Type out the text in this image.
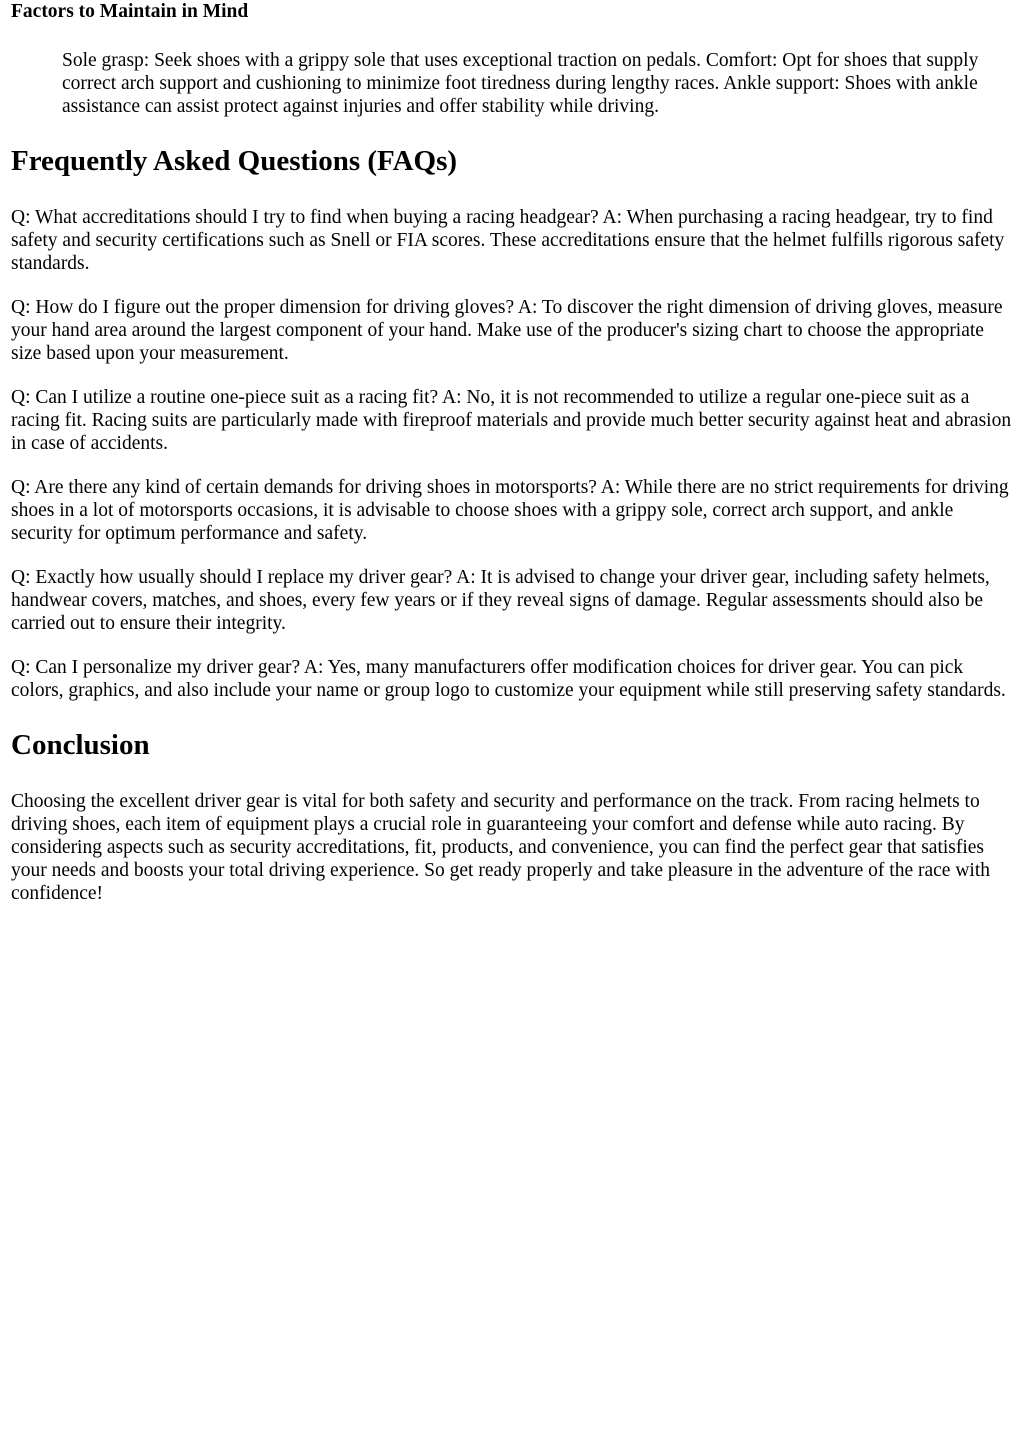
Factors to Maintain in Mind

Sole grasp: Seek shoes with a grippy sole that uses exceptional traction on pedals. Comfort: Opt for shoes that supply correct arch support and cushioning to minimize foot tiredness during lengthy races. Ankle support: Shoes with ankle assistance can assist protect against injuries and offer stability while driving.

Frequently Asked Questions (FAQs)

Q: What accreditations should I try to find when buying a racing headgear? A: When purchasing a racing headgear, try to find safety and security certifications such as Snell or FIA scores. These accreditations ensure that the helmet fulfills rigorous safety standards.

Q: How do I figure out the proper dimension for driving gloves? A: To discover the right dimension of driving gloves, measure your hand area around the largest component of your hand. Make use of the producer's sizing chart to choose the appropriate size based upon your measurement.

Q: Can I utilize a routine one-piece suit as a racing fit? A: No, it is not recommended to utilize a regular one-piece suit as a racing fit. Racing suits are particularly made with fireproof materials and provide much better security against heat and abrasion in case of accidents.

Q: Are there any kind of certain demands for driving shoes in motorsports? A: While there are no strict requirements for driving shoes in a lot of motorsports occasions, it is advisable to choose shoes with a grippy sole, correct arch support, and ankle security for optimum performance and safety.

Q: Exactly how usually should I replace my driver gear? A: It is advised to change your driver gear, including safety helmets, handwear covers, matches, and shoes, every few years or if they reveal signs of damage. Regular assessments should also be carried out to ensure their integrity.

Q: Can I personalize my driver gear? A: Yes, many manufacturers offer modification choices for driver gear. You can pick colors, graphics, and also include your name or group logo to customize your equipment while still preserving safety standards.

Conclusion

Choosing the excellent driver gear is vital for both safety and security and performance on the track. From racing helmets to driving shoes, each item of equipment plays a crucial role in guaranteeing your comfort and defense while auto racing. By considering aspects such as security accreditations, fit, products, and convenience, you can find the perfect gear that satisfies your needs and boosts your total driving experience. So get ready properly and take pleasure in the adventure of the race with confidence!
